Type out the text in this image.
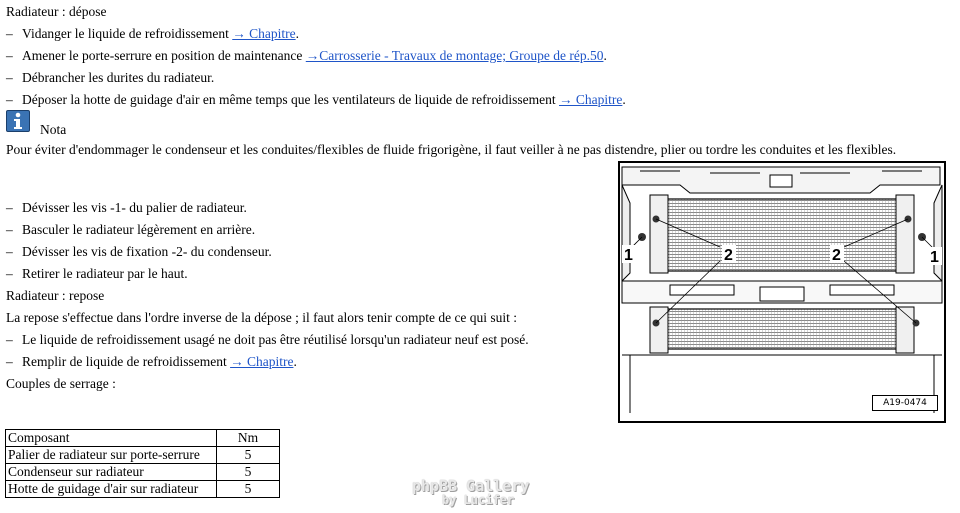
Radiateur : dépose
– Vidanger le liquide de refroidissement → Chapitre.
– Amener le porte-serrure en position de maintenance →Carrosserie - Travaux de montage; Groupe de rép.50.
– Débrancher les durites du radiateur.
– Déposer la hotte de guidage d'air en même temps que les ventilateurs de liquide de refroidissement → Chapitre.
Nota
Pour éviter d'endommager le condenseur et les conduites/flexibles de fluide frigorigène, il faut veiller à ne pas distendre, plier ou tordre les conduites et les flexibles.
– Dévisser les vis -1- du palier de radiateur.
– Basculer le radiateur légèrement en arrière.
– Dévisser les vis de fixation -2- du condenseur.
– Retirer le radiateur par le haut.
Radiateur : repose
La repose s'effectue dans l'ordre inverse de la dépose ; il faut alors tenir compte de ce qui suit :
– Le liquide de refroidissement usagé ne doit pas être réutilisé lorsqu'un radiateur neuf est posé.
– Remplir de liquide de refroidissement → Chapitre.
Couples de serrage :
Composant	Nm
Palier de radiateur sur porte-serrure	5
Condenseur sur radiateur	5
Hotte de guidage d'air sur radiateur	5
1	2	2	1
A19-0474
phpBB Gallery
by Lucifer
